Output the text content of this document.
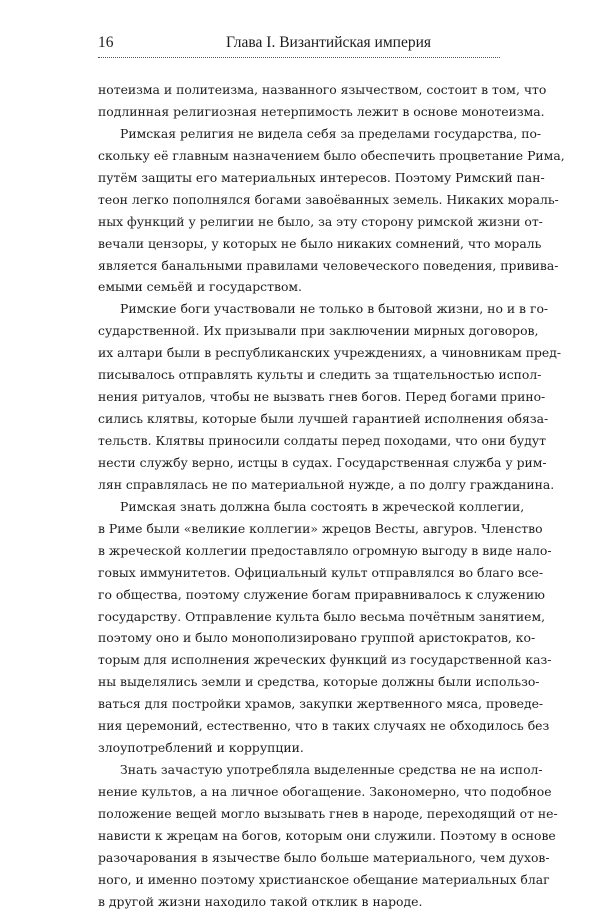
16	Глава I. Византийская империя
нотеизма и политеизма, названного язычеством, состоит в том, что
подлинная религиозная нетерпимость лежит в основе монотеизма.
Римская религия не видела себя за пределами государства, по-
скольку её главным назначением было обеспечить процветание Рима,
путём защиты его материальных интересов. Поэтому Римский пан-
теон легко пополнялся богами завоёванных земель. Никаких мораль-
ных функций у религии не было, за эту сторону римской жизни от-
вечали цензоры, у которых не было никаких сомнений, что мораль
является банальными правилами человеческого поведения, привива-
емыми семьёй и государством.
Римские боги участвовали не только в бытовой жизни, но и в го-
сударственной. Их призывали при заключении мирных договоров,
их алтари были в республиканских учреждениях, а чиновникам пред-
писывалось отправлять культы и следить за тщательностью испол-
нения ритуалов, чтобы не вызвать гнев богов. Перед богами прино-
сились клятвы, которые были лучшей гарантией исполнения обяза-
тельств. Клятвы приносили солдаты перед походами, что они будут
нести службу верно, истцы в судах. Государственная служба у рим-
лян справлялась не по материальной нужде, а по долгу гражданина.
Римская знать должна была состоять в жреческой коллегии,
в Риме были «великие коллегии» жрецов Весты, авгуров. Членство
в жреческой коллегии предоставляло огромную выгоду в виде нало-
говых иммунитетов. Официальный культ отправлялся во благо все-
го общества, поэтому служение богам приравнивалось к служению
государству. Отправление культа было весьма почётным занятием,
поэтому оно и было монополизировано группой аристократов, ко-
торым для исполнения жреческих функций из государственной каз-
ны выделялись земли и средства, которые должны были использо-
ваться для постройки храмов, закупки жертвенного мяса, проведе-
ния церемоний, естественно, что в таких случаях не обходилось без
злоупотреблений и коррупции.
Знать зачастую употребляла выделенные средства не на испол-
нение культов, а на личное обогащение. Закономерно, что подобное
положение вещей могло вызывать гнев в народе, переходящий от не-
нависти к жрецам на богов, которым они служили. Поэтому в основе
разочарования в язычестве было больше материального, чем духов-
ного, и именно поэтому христианское обещание материальных благ
в другой жизни находило такой отклик в народе.
